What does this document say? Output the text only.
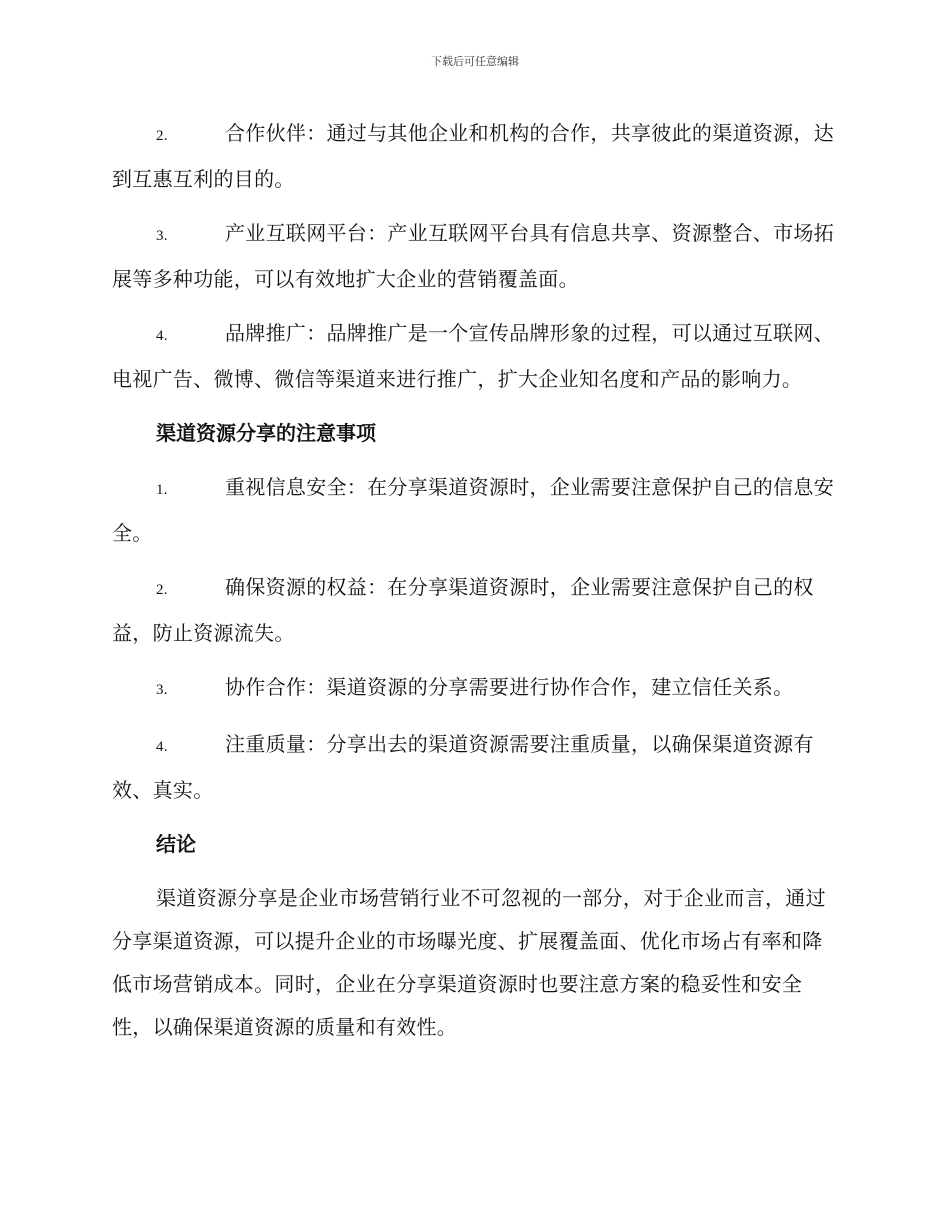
下载后可任意编辑
2.	合作伙伴：通过与其他企业和机构的合作，共享彼此的渠道资源，达到互惠互利的目的。
3.	产业互联网平台：产业互联网平台具有信息共享、资源整合、市场拓展等多种功能，可以有效地扩大企业的营销覆盖面。
4.	品牌推广：品牌推广是一个宣传品牌形象的过程，可以通过互联网、电视广告、微博、微信等渠道来进行推广，扩大企业知名度和产品的影响力。
渠道资源分享的注意事项
1.	重视信息安全：在分享渠道资源时，企业需要注意保护自己的信息安全。
2.	确保资源的权益：在分享渠道资源时，企业需要注意保护自己的权益，防止资源流失。
3.	协作合作：渠道资源的分享需要进行协作合作，建立信任关系。
4.	注重质量：分享出去的渠道资源需要注重质量，以确保渠道资源有效、真实。
结论
渠道资源分享是企业市场营销行业不可忽视的一部分，对于企业而言，通过分享渠道资源，可以提升企业的市场曝光度、扩展覆盖面、优化市场占有率和降低市场营销成本。同时，企业在分享渠道资源时也要注意方案的稳妥性和安全性，以确保渠道资源的质量和有效性。
